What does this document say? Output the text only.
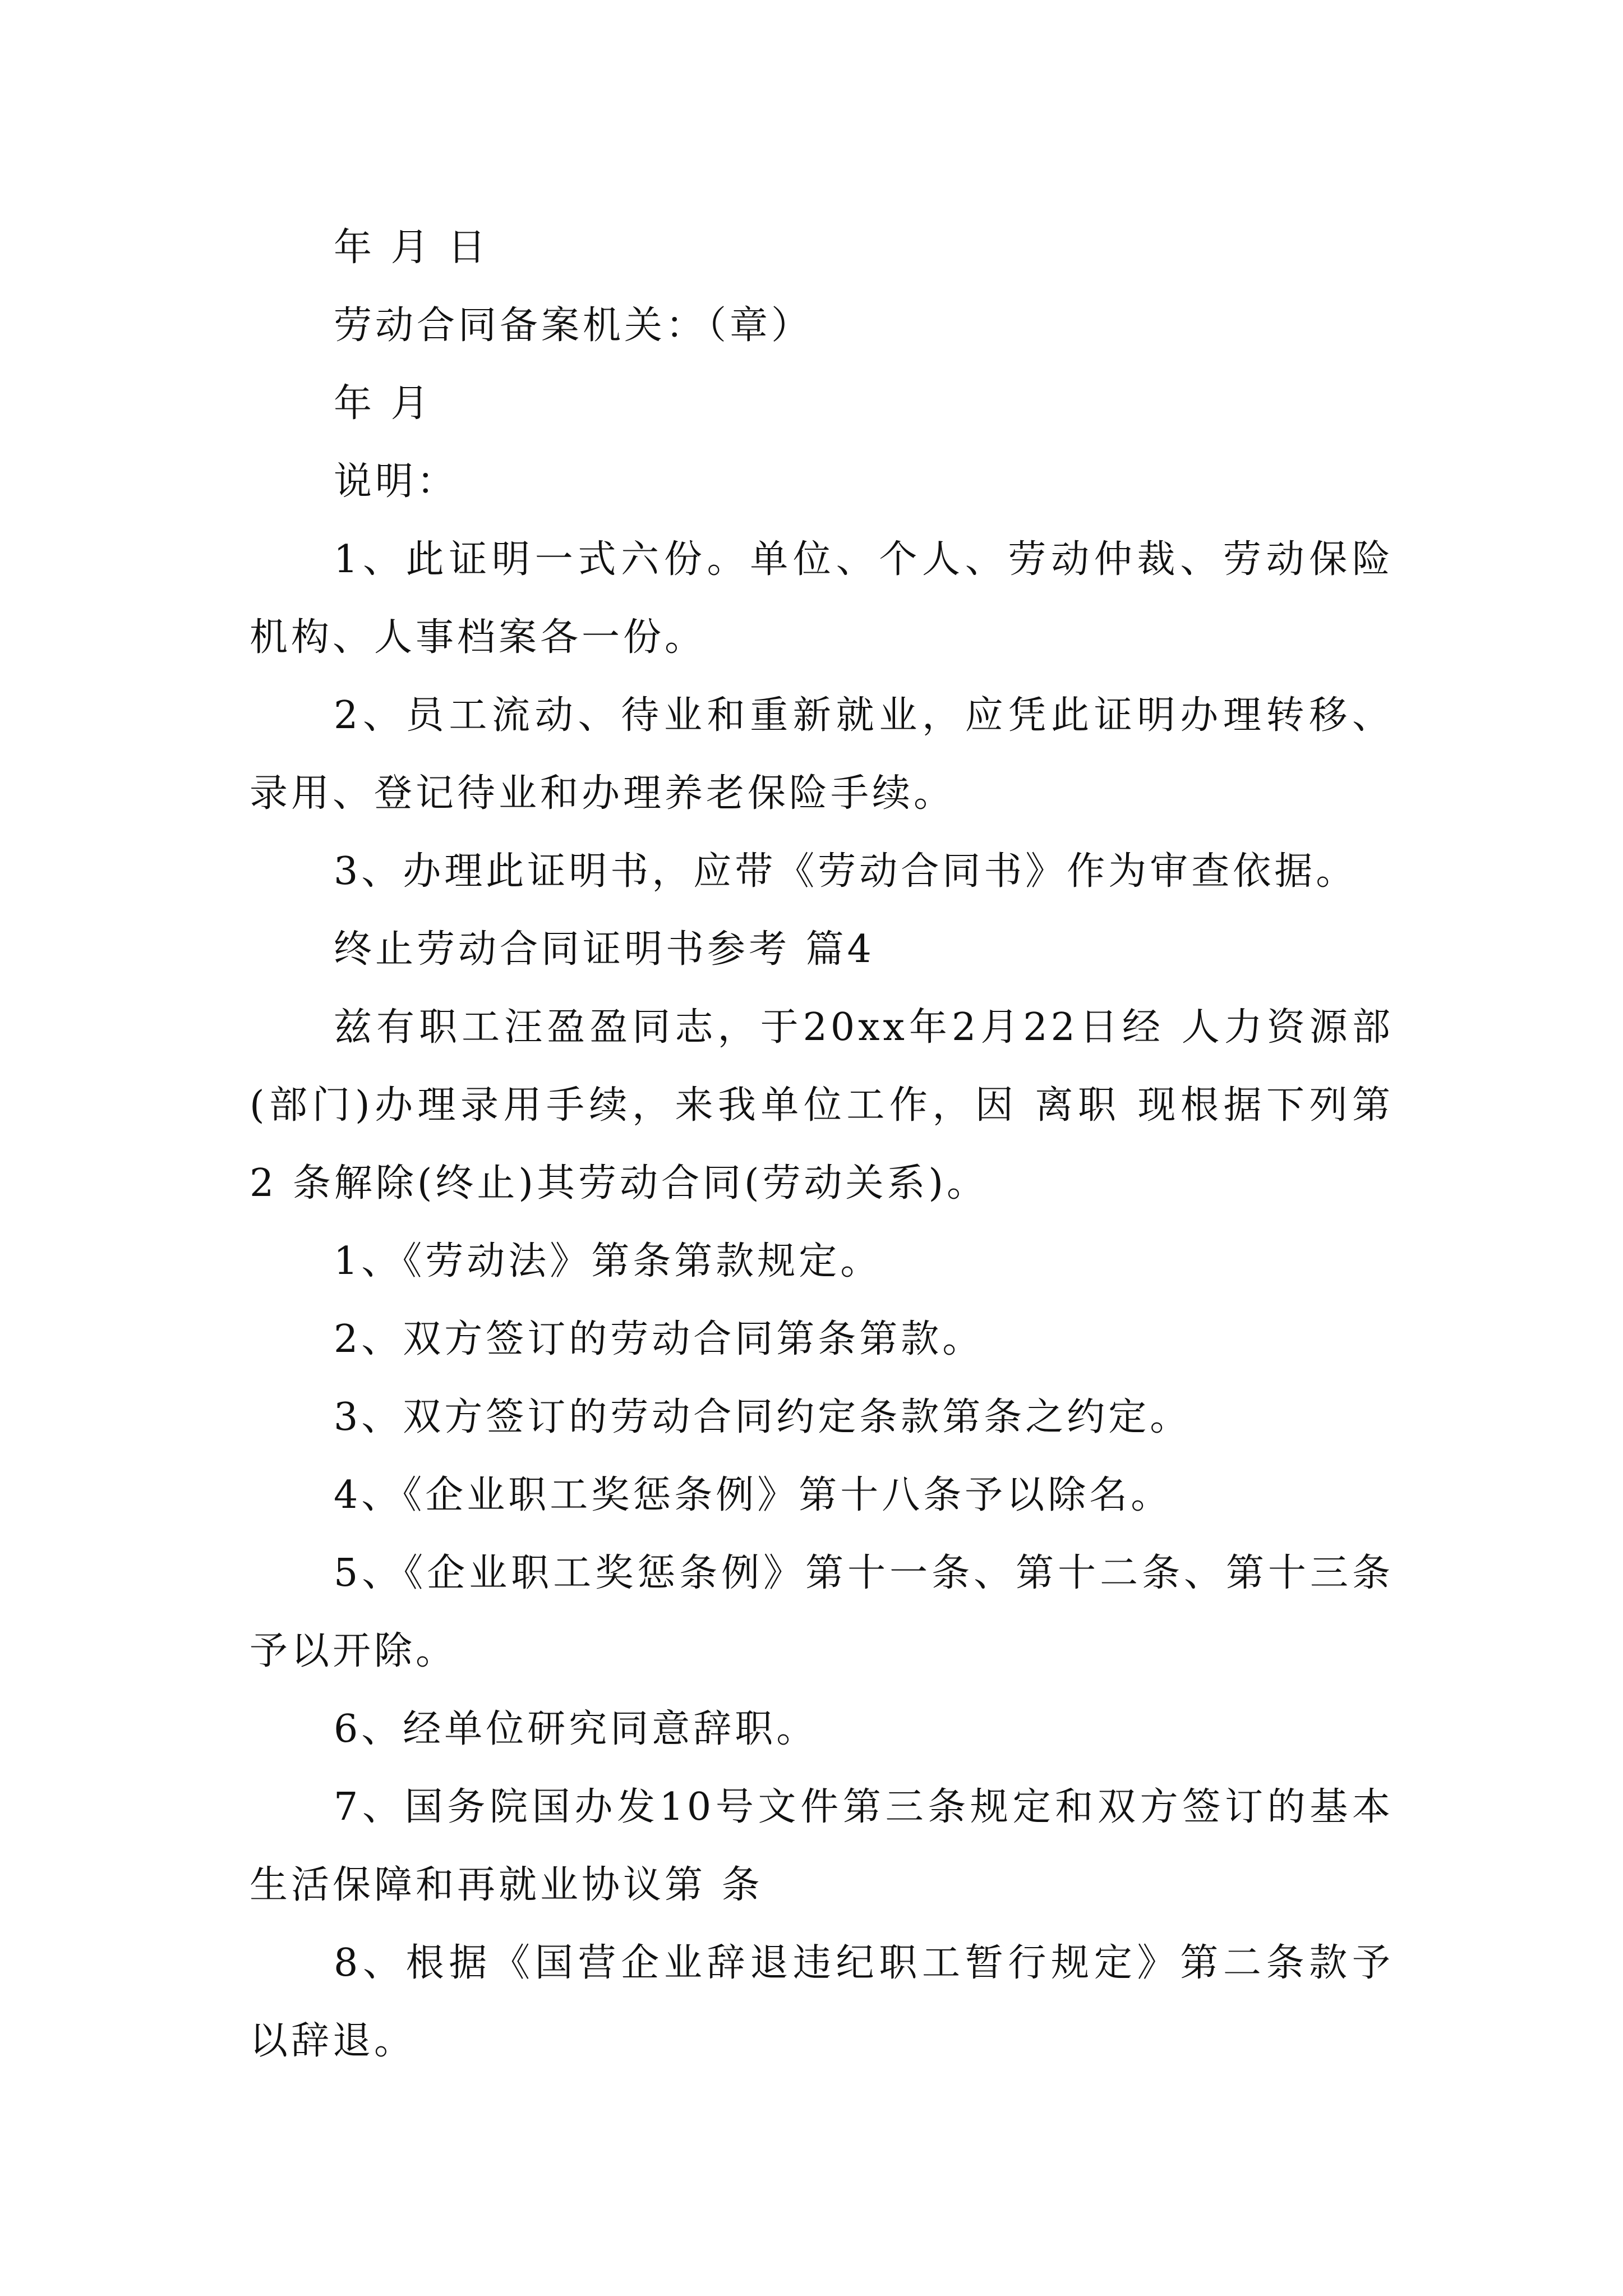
年 月 日

劳动合同备案机关：（章）

年 月

说明：

1、此证明一式六份。单位、个人、劳动仲裁、劳动保险机构、人事档案各一份。

2、员工流动、待业和重新就业，应凭此证明办理转移、录用、登记待业和办理养老保险手续。

3、办理此证明书，应带《劳动合同书》作为审查依据。

终止劳动合同证明书参考 篇4

兹有职工汪盈盈同志，于20xx年2月22日经 人力资源部 (部门)办理录用手续，来我单位工作，因 离职 现根据下列第 2 条解除(终止)其劳动合同(劳动关系)。

1、《劳动法》第条第款规定。

2、双方签订的劳动合同第条第款。

3、双方签订的劳动合同约定条款第条之约定。

4、《企业职工奖惩条例》第十八条予以除名。

5、《企业职工奖惩条例》第十一条、第十二条、第十三条予以开除。

6、经单位研究同意辞职。

7、国务院国办发10号文件第三条规定和双方签订的基本生活保障和再就业协议第 条

8、根据《国营企业辞退违纪职工暂行规定》第二条款予以辞退。
